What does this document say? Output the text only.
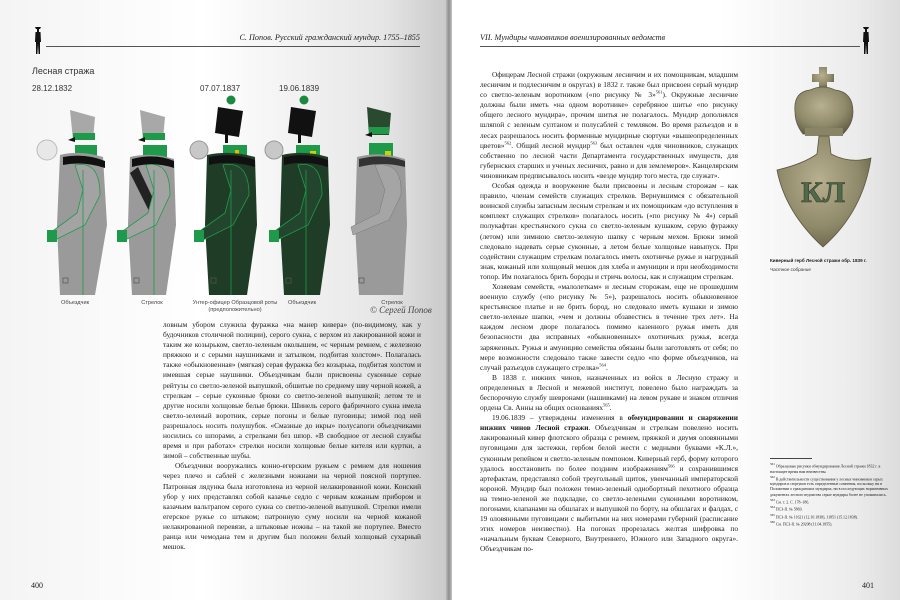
С. Попов. Русский гражданский мундир. 1755–1855
Лесная стража
28.12.1832	07.07.1837	19.06.1839
Объездчик	Стрелок	Унтер-офицер Образцовой роты
(предположительно)
Объездчик	Стрелок
© Сергей Попов

ловным убором служила фуражка «на манер кивера» (по-видимому, как у будочников столичной полиции), серого сукна, с верхом из лакированной кожи и таким же козырьком, светло-зеленым околышем, «с черным ремнем, с железною пряжкою и с серыми наушниками и затылком, подбитая холстом». Полагалась также «обыкновенная» (мягкая) серая фуражка без козырька, подбитая холстом и имевшая серые наушники. Объездчикам были присвоены суконные серые рейтузы со светло-зеленой выпушкой, обшитые по среднему шву черной кожей, а стрелкам – серые суконные брюки со светло-зеленой выпушкой; летом те и другие носили холщовые белые брюки. Шинель серого фабричного сукна имела светло-зеленый воротник, серые погоны и белые пуговицы; зимой под ней разрешалось носить полушубок. «Смазные до икры» полусапоги объездчиками носились со шпорами, а стрелками без шпор. «В свободное от лесной службы время и при работах» стрелки носили холщовые белые кителя или куртки, а зимой – собственные шубы.

Объездчики вооружались конно-егерским ружьем с ремнем для ношения через плечо и саблей с железными ножнами на черной поясной портупее. Патронная лядунка была изготовлена из черной нелакированной кожи. Конский убор у них представлял собой казачье седло с черным кожаным прибором и казачьим вальтрапом серого сукна со светло-зеленой выпушкой. Стрелки имели егерское ружье со штыком; патронную суму носили на черной кожаной нелакированной перевязи, а штыковые ножны – на такой же портупее. Вместо ранца или чемодана тем и другим был положен белый холщовый сухарный мешок.

400
VII. Мундиры чиновников военизированных ведомств

Офицерам Лесной стражи (окружным лесничим и их помощникам, младшим лесничим и подлесничим в округах) в 1832 г. также был присвоен серый мундир со светло-зеленым воротником («по рисунку № 3»$^{561}$). Окружные лесничие должны были иметь «на одном воротнике» серебряное шитье «по рисунку общего лесного мундира», прочим шитья не полагалось. Мундир дополнялся шляпой с зеленым султаном и полусаблей с темляком. Во время разъездов и в лесах разрешалось носить форменные мундирные сюртуки «вышеопределенных цветов»$^{562}$. Общий лесной мундир$^{563}$ был оставлен «для чиновников, служащих собственно по лесной части Департамента государственных имуществ, для губернских старших и ученых лесничих, равно и для землемеров». Канцелярским чиновникам предписывалось носить «везде мундир того места, где служат».

Особая одежда и вооружение были присвоены и лесным сторожам – как правило, членам семейств служащих стрелков. Вернувшимся с обязательной воинской службы запасным лесным стрелкам и их помощникам «до вступления в комплект служащих стрелков» полагалось носить («по рисунку № 4») серый полукафтан крестьянского сукна со светло-зеленым кушаком, серую фуражку (летом) или зимнюю светло-зеленую шапку с черным мехом. Брюки зимой следовало надевать серые суконные, а летом белые холщовые навыпуск. При содействии служащим стрелкам полагалось иметь охотничье ружье и нагрудный знак, кожаный или холщовый мешок для хлеба и амуниции и при необходимости топор. Им полагалось брить бороды и стричь волосы, как и служащим стрелкам.

Хозяевам семейств, «малолеткам» и лесным сторожам, еще не прошедшим военную службу («по рисунку № 5»), разрешалось носить обыкновенное крестьянское платье и не брить бород, но следовало иметь кушаки и зимою светло-зеленые шапки, «чем и должны обзавестись в течение трех лет». На каждом лесном дворе полагалось помимо казенного ружья иметь для безопасности два исправных «обыкновенных» охотничьих ружья, всегда заряженных. Ружья и амуницию семейства обязаны были заготовлять от себя; по мере возможности следовало также завести седло «по форме объездчиков, на случай разъездов служащего стрелка»$^{564}$.

В 1838 г. нижних чинов, назначенных из войск в Лесную стражу и определенных в Лесной и межевой институт, повелено было награждать за беспорочную службу шевронами (нашивками) на левом рукаве и знаком отличия ордена Св. Анны на общих основаниях$^{565}$.

19.06.1839 – утверждены изменения в обмундировании и снаряжении нижних чинов Лесной стражи. Объездчикам и стрелкам повелено носить лакированный кивер флотского образца с ремнем, пряжкой и двумя оловянными пуговицами для застежки, гербом белой жести с медными буквами «К.Л.», суконным репейком и светло-зеленым помпоном. Киверный герб, форму которого удалось восстановить по более поздним изображениям$^{566}$ и сохранившимся артефактам, представлял собой треугольный щиток, увенчанный императорской короной. Мундир был положен темно-зеленый однобортный пехотного образца на темно-зеленой же подкладке, со светло-зелеными суконными воротником, погонами, клапанами на обшлагах и выпушкой по борту, на обшлагах и фалдах, с 19 оловянными пуговицами с выбитыми на них номерами губерний (расписание этих номеров неизвестно). На погонах прорезалась желтая шифровка по «начальным буквам Северного, Внутреннего, Южного или Западного округа». Объездчикам по-

КЛ
Киверный герб Лесной стражи обр. 1839 г.
Частное собрание
$^{561}$ Образцовые рисунки обмундирования Лесной стражи 1832 г. в настоящее время нам неизвестны.
$^{562}$ В действительности существования у лесных чиновников серых мундиров и сюртуков есть определенные сомнения, поскольку ни в Положении о гражданских мундирах, ни в последующих нормативных документах лесного ведомства серые мундиры более не упоминались.
$^{563}$ См. т. 2. С. 178–186.
$^{564}$ ПСЗ-II. № 5869.
$^{565}$ ПСЗ-II. № 11621 (12.10.1838), 11851 (15.12.1838).
$^{566}$ См. ПСЗ-II. № 29208 (11.04.1855).
401
